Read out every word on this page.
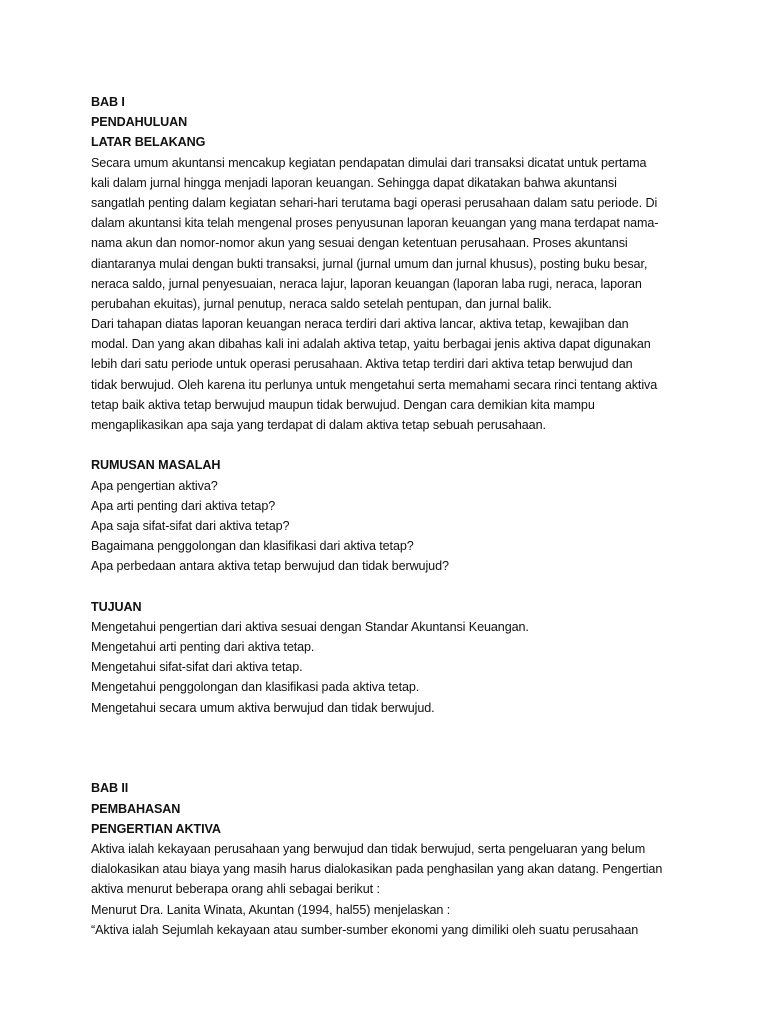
BAB I
PENDAHULUAN
LATAR BELAKANG
Secara umum akuntansi mencakup kegiatan pendapatan dimulai dari transaksi dicatat untuk pertama
kali dalam jurnal hingga menjadi laporan keuangan. Sehingga dapat dikatakan bahwa akuntansi
sangatlah penting dalam kegiatan sehari-hari terutama bagi operasi perusahaan dalam satu periode. Di
dalam akuntansi kita telah mengenal proses penyusunan laporan keuangan yang mana terdapat nama-
nama akun dan nomor-nomor akun yang sesuai dengan ketentuan perusahaan. Proses akuntansi
diantaranya mulai dengan bukti transaksi, jurnal (jurnal umum dan jurnal khusus), posting buku besar,
neraca saldo, jurnal penyesuaian, neraca lajur, laporan keuangan (laporan laba rugi, neraca, laporan
perubahan ekuitas), jurnal penutup, neraca saldo setelah pentupan, dan jurnal balik.
Dari tahapan diatas laporan keuangan neraca terdiri dari aktiva lancar, aktiva tetap, kewajiban dan
modal. Dan yang akan dibahas kali ini adalah aktiva tetap, yaitu berbagai jenis aktiva dapat digunakan
lebih dari satu periode untuk operasi perusahaan. Aktiva tetap terdiri dari aktiva tetap berwujud dan
tidak berwujud. Oleh karena itu perlunya untuk mengetahui serta memahami secara rinci tentang aktiva
tetap baik aktiva tetap berwujud maupun tidak berwujud. Dengan cara demikian kita mampu
mengaplikasikan apa saja yang terdapat di dalam aktiva tetap sebuah perusahaan.
RUMUSAN MASALAH
Apa pengertian aktiva?
Apa arti penting dari aktiva tetap?
Apa saja sifat-sifat dari aktiva tetap?
Bagaimana penggolongan dan klasifikasi dari aktiva tetap?
Apa perbedaan antara aktiva tetap berwujud dan tidak berwujud?
TUJUAN
Mengetahui pengertian dari aktiva sesuai dengan Standar Akuntansi Keuangan.
Mengetahui arti penting dari aktiva tetap.
Mengetahui sifat-sifat dari aktiva tetap.
Mengetahui penggolongan dan klasifikasi pada aktiva tetap.
Mengetahui secara umum aktiva berwujud dan tidak berwujud.
BAB II
PEMBAHASAN
PENGERTIAN AKTIVA
Aktiva ialah kekayaan perusahaan yang berwujud dan tidak berwujud, serta pengeluaran yang belum
dialokasikan atau biaya yang masih harus dialokasikan pada penghasilan yang akan datang. Pengertian
aktiva menurut beberapa orang ahli sebagai berikut :
Menurut Dra. Lanita Winata, Akuntan (1994, hal55) menjelaskan :
“Aktiva ialah Sejumlah kekayaan atau sumber-sumber ekonomi yang dimiliki oleh suatu perusahaan
